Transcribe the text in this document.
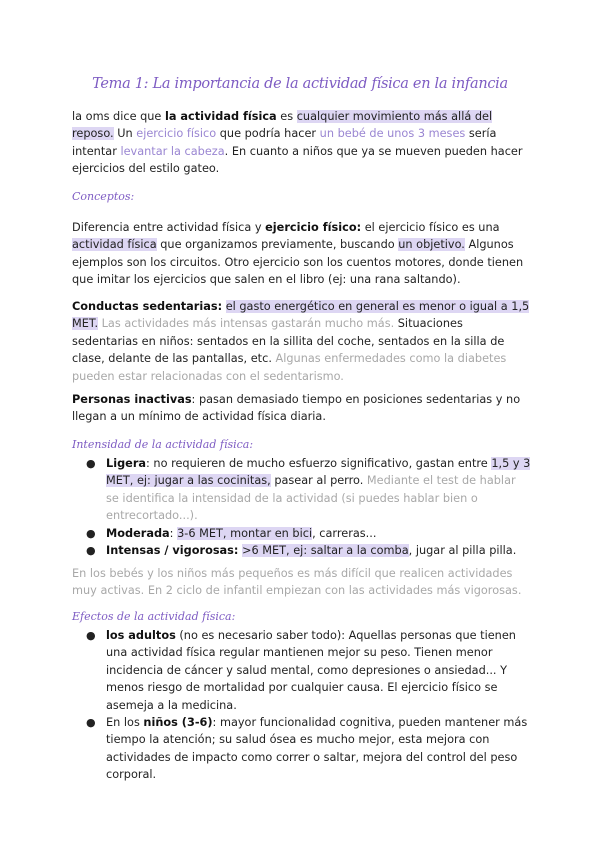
Tema 1: La importancia de la actividad física en la infancia
la oms dice que la actividad física es cualquier movimiento más allá del reposo. Un ejercicio físico que podría hacer un bebé de unos 3 meses sería intentar levantar la cabeza. En cuanto a niños que ya se mueven pueden hacer ejercicios del estilo gateo.
Conceptos:
Diferencia entre actividad física y ejercicio físico: el ejercicio físico es una actividad física que organizamos previamente, buscando un objetivo. Algunos ejemplos son los circuitos. Otro ejercicio son los cuentos motores, donde tienen que imitar los ejercicios que salen en el libro (ej: una rana saltando).
Conductas sedentarias: el gasto energético en general es menor o igual a 1,5 MET. Las actividades más intensas gastarán mucho más. Situaciones sedentarias en niños: sentados en la sillita del coche, sentados en la silla de clase, delante de las pantallas, etc. Algunas enfermedades como la diabetes pueden estar relacionadas con el sedentarismo.
Personas inactivas: pasan demasiado tiempo en posiciones sedentarias y no llegan a un mínimo de actividad física diaria.
Intensidad de la actividad física:
● Ligera: no requieren de mucho esfuerzo significativo, gastan entre 1,5 y 3 MET, ej: jugar a las cocinitas, pasear al perro. Mediante el test de hablar se identifica la intensidad de la actividad (si puedes hablar bien o entrecortado...).
● Moderada: 3-6 MET, montar en bici, carreras...
● Intensas / vigorosas: >6 MET, ej: saltar a la comba, jugar al pilla pilla.
En los bebés y los niños más pequeños es más difícil que realicen actividades muy activas. En 2 ciclo de infantil empiezan con las actividades más vigorosas.
Efectos de la actividad física:
● los adultos (no es necesario saber todo): Aquellas personas que tienen una actividad física regular mantienen mejor su peso. Tienen menor incidencia de cáncer y salud mental, como depresiones o ansiedad... Y menos riesgo de mortalidad por cualquier causa. El ejercicio físico se asemeja a la medicina.
● En los niños (3-6): mayor funcionalidad cognitiva, pueden mantener más tiempo la atención; su salud ósea es mucho mejor, esta mejora con actividades de impacto como correr o saltar, mejora del control del peso corporal.
